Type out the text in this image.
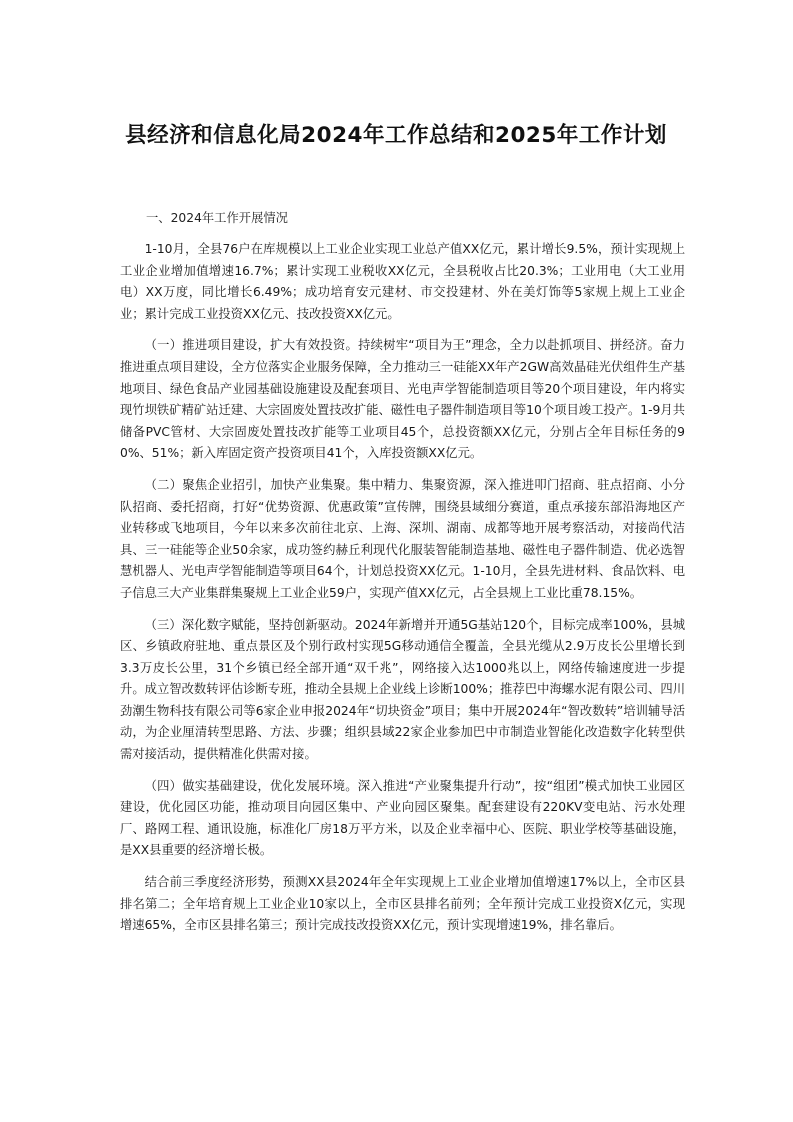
县经济和信息化局2024年工作总结和2025年工作计划

一、2024年工作开展情况

1-10月，全县76户在库规模以上工业企业实现工业总产值XX亿元，累计增长9.5%，预计实现规上工业企业增加值增速16.7%；累计实现工业税收XX亿元，全县税收占比20.3%；工业用电（大工业用电）XX万度，同比增长6.49%；成功培育安元建材、市交投建材、外在美灯饰等5家规上规上工业企业；累计完成工业投资XX亿元、技改投资XX亿元。

（一）推进项目建设，扩大有效投资。持续树牢“项目为王”理念，全力以赴抓项目、拼经济。奋力推进重点项目建设，全方位落实企业服务保障，全力推动三一硅能XX年产2GW高效晶硅光伏组件生产基地项目、绿色食品产业园基础设施建设及配套项目、光电声学智能制造项目等20个项目建设，年内将实现竹坝铁矿精矿站迁建、大宗固废处置技改扩能、磁性电子器件制造项目等10个项目竣工投产。1-9月共储备PVC管材、大宗固废处置技改扩能等工业项目45个，总投资额XX亿元，分别占全年目标任务的90%、51%；新入库固定资产投资项目41个，入库投资额XX亿元。

（二）聚焦企业招引，加快产业集聚。集中精力、集聚资源，深入推进叩门招商、驻点招商、小分队招商、委托招商，打好“优势资源、优惠政策”宣传牌，围绕县域细分赛道，重点承接东部沿海地区产业转移或飞地项目，今年以来多次前往北京、上海、深圳、湖南、成都等地开展考察活动，对接尚代洁具、三一硅能等企业50余家，成功签约赫丘利现代化服装智能制造基地、磁性电子器件制造、优必选智慧机器人、光电声学智能制造等项目64个，计划总投资XX亿元。1-10月，全县先进材料、食品饮料、电子信息三大产业集群集聚规上工业企业59户，实现产值XX亿元，占全县规上工业比重78.15%。

（三）深化数字赋能，坚持创新驱动。2024年新增并开通5G基站120个，目标完成率100%，县城区、乡镇政府驻地、重点景区及个别行政村实现5G移动通信全覆盖，全县光缆从2.9万皮长公里增长到3.3万皮长公里，31个乡镇已经全部开通“双千兆”，网络接入达1000兆以上，网络传输速度进一步提升。成立智改数转评估诊断专班，推动全县规上企业线上诊断100%；推荐巴中海螺水泥有限公司、四川劲潮生物科技有限公司等6家企业申报2024年“切块资金”项目；集中开展2024年“智改数转”培训辅导活动，为企业厘清转型思路、方法、步骤；组织县域22家企业参加巴中市制造业智能化改造数字化转型供需对接活动，提供精准化供需对接。

（四）做实基础建设，优化发展环境。深入推进“产业聚集提升行动”，按“组团”模式加快工业园区建设，优化园区功能，推动项目向园区集中、产业向园区聚集。配套建设有220KV变电站、污水处理厂、路网工程、通讯设施，标准化厂房18万平方米，以及企业幸福中心、医院、职业学校等基础设施，是XX县重要的经济增长极。

结合前三季度经济形势，预测XX县2024年全年实现规上工业企业增加值增速17%以上，全市区县排名第二；全年培育规上工业企业10家以上，全市区县排名前列；全年预计完成工业投资X亿元，实现增速65%，全市区县排名第三；预计完成技改投资XX亿元，预计实现增速19%，排名靠后。
